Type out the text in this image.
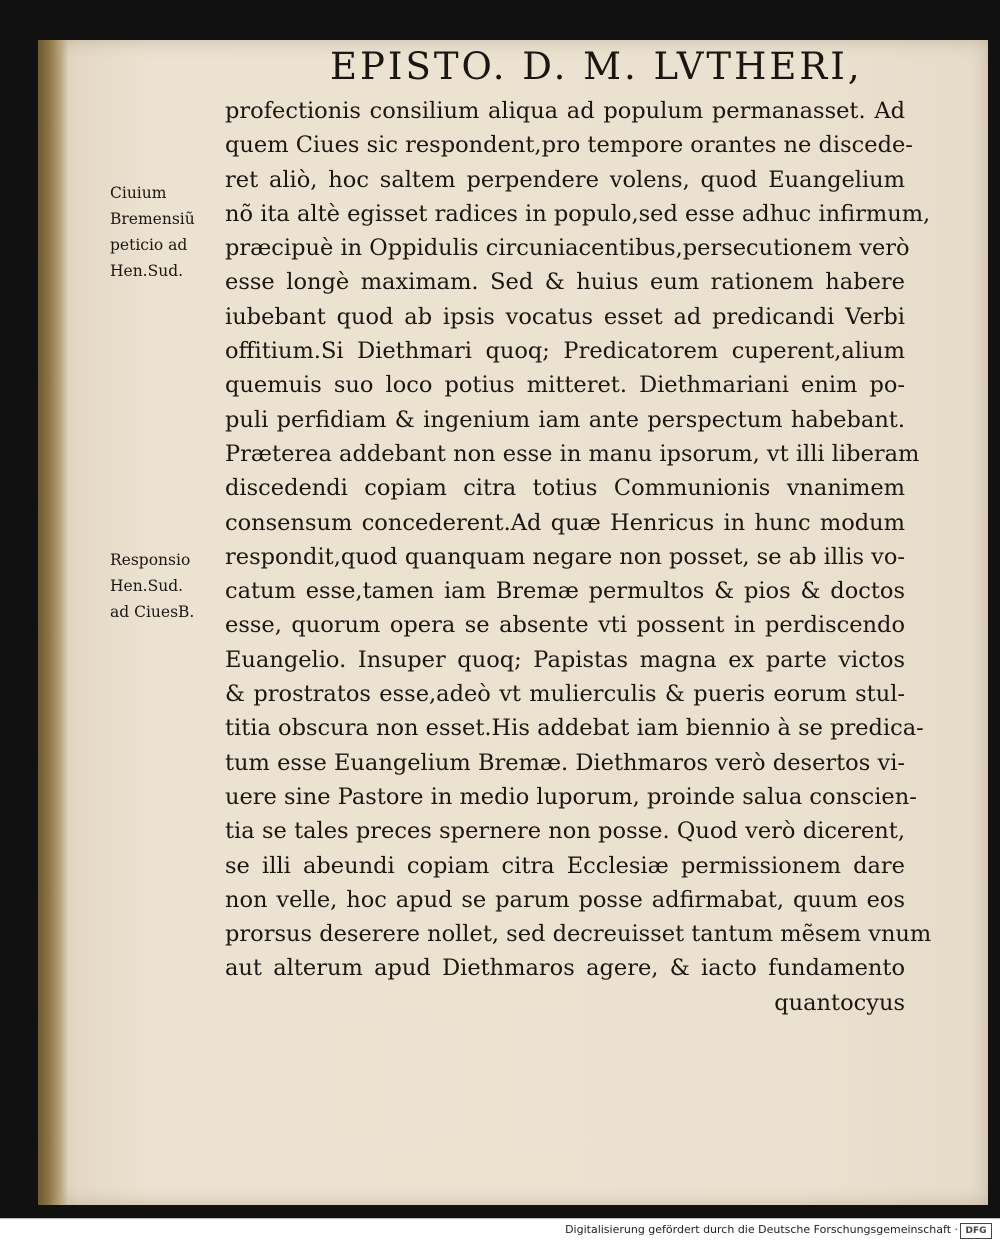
EPISTO. D. M. LVTHERI,
Ciuium
Bremensiũ
peticio ad
Hen.Sud.
Responsio
Hen.Sud.
ad CiuesB.
profectionis consilium aliqua ad populum permanasset. Ad
quem Ciues sic respondent,pro tempore orantes ne discede-
ret aliò, hoc saltem perpendere volens, quod Euangelium
nõ ita altè egisset radices in populo,sed esse adhuc infirmum,
præcipuè in Oppidulis circuniacentibus,persecutionem verò
esse longè maximam. Sed & huius eum rationem habere
iubebant quod ab ipsis vocatus esset ad predicandi Verbi
offitium.Si Diethmari quoq; Predicatorem cuperent,alium
quemuis suo loco potius mitteret. Diethmariani enim po-
puli perfidiam & ingenium iam ante perspectum habebant.
Præterea addebant non esse in manu ipsorum, vt illi liberam
discedendi copiam citra totius Communionis vnanimem
consensum concederent.Ad quæ Henricus in hunc modum
respondit,quod quanquam negare non posset, se ab illis vo-
catum esse,tamen iam Bremæ permultos & pios & doctos
esse, quorum opera se absente vti possent in perdiscendo
Euangelio. Insuper quoq; Papistas magna ex parte victos
& prostratos esse,adeò vt mulierculis & pueris eorum stul-
titia obscura non esset.His addebat iam biennio à se predica-
tum esse Euangelium Bremæ. Diethmaros verò desertos vi-
uere sine Pastore in medio luporum, proinde salua conscien-
tia se tales preces spernere non posse. Quod verò dicerent,
se illi abeundi copiam citra Ecclesiæ permissionem dare
non velle, hoc apud se parum posse adfirmabat, quum eos
prorsus deserere nollet, sed decreuisset tantum mẽsem vnum
aut alterum apud Diethmaros agere, & iacto fundamento
quantocyus
Digitalisierung gefördert durch die Deutsche Forschungsgemeinschaft · DFG
